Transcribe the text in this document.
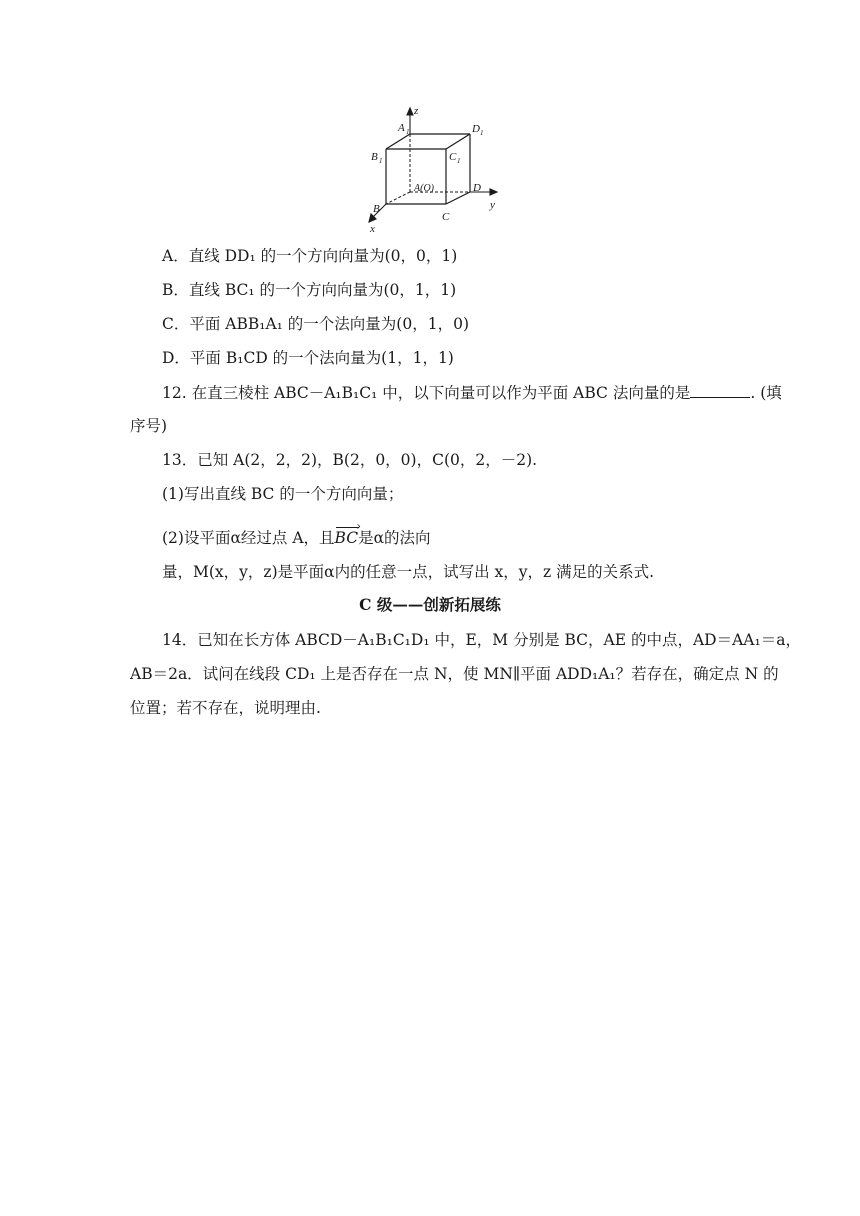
z
y
x
A 1	D 1
B 1	C 1
A(O)	D
B
C
A．直线 DD₁ 的一个方向向量为(0，0，1)
B．直线 BC₁ 的一个方向向量为(0，1，1)
C．平面 ABB₁A₁ 的一个法向量为(0，1，0)
D．平面 B₁CD 的一个法向量为(1，1，1)
12. 在直三棱柱 ABC－A₁B₁C₁ 中，以下向量可以作为平面 ABC 法向量的是	. (填
序号)
13．已知 A(2，2，2)，B(2，0，0)，C(0，2，－2).
(1)写出直线 BC 的一个方向向量；
(2)设平面α经过点 A，且› BC是α的法向
量，M(x，y，z)是平面α内的任意一点，试写出 x，y，z 满足的关系式.
C 级——创新拓展练
14．已知在长方体 ABCD－A₁B₁C₁D₁ 中，E，M 分别是 BC，AE 的中点，AD＝AA₁＝a，
AB＝2a．试问在线段 CD₁ 上是否存在一点 N，使 MN∥平面 ADD₁A₁？若存在，确定点 N 的
位置；若不存在，说明理由.
